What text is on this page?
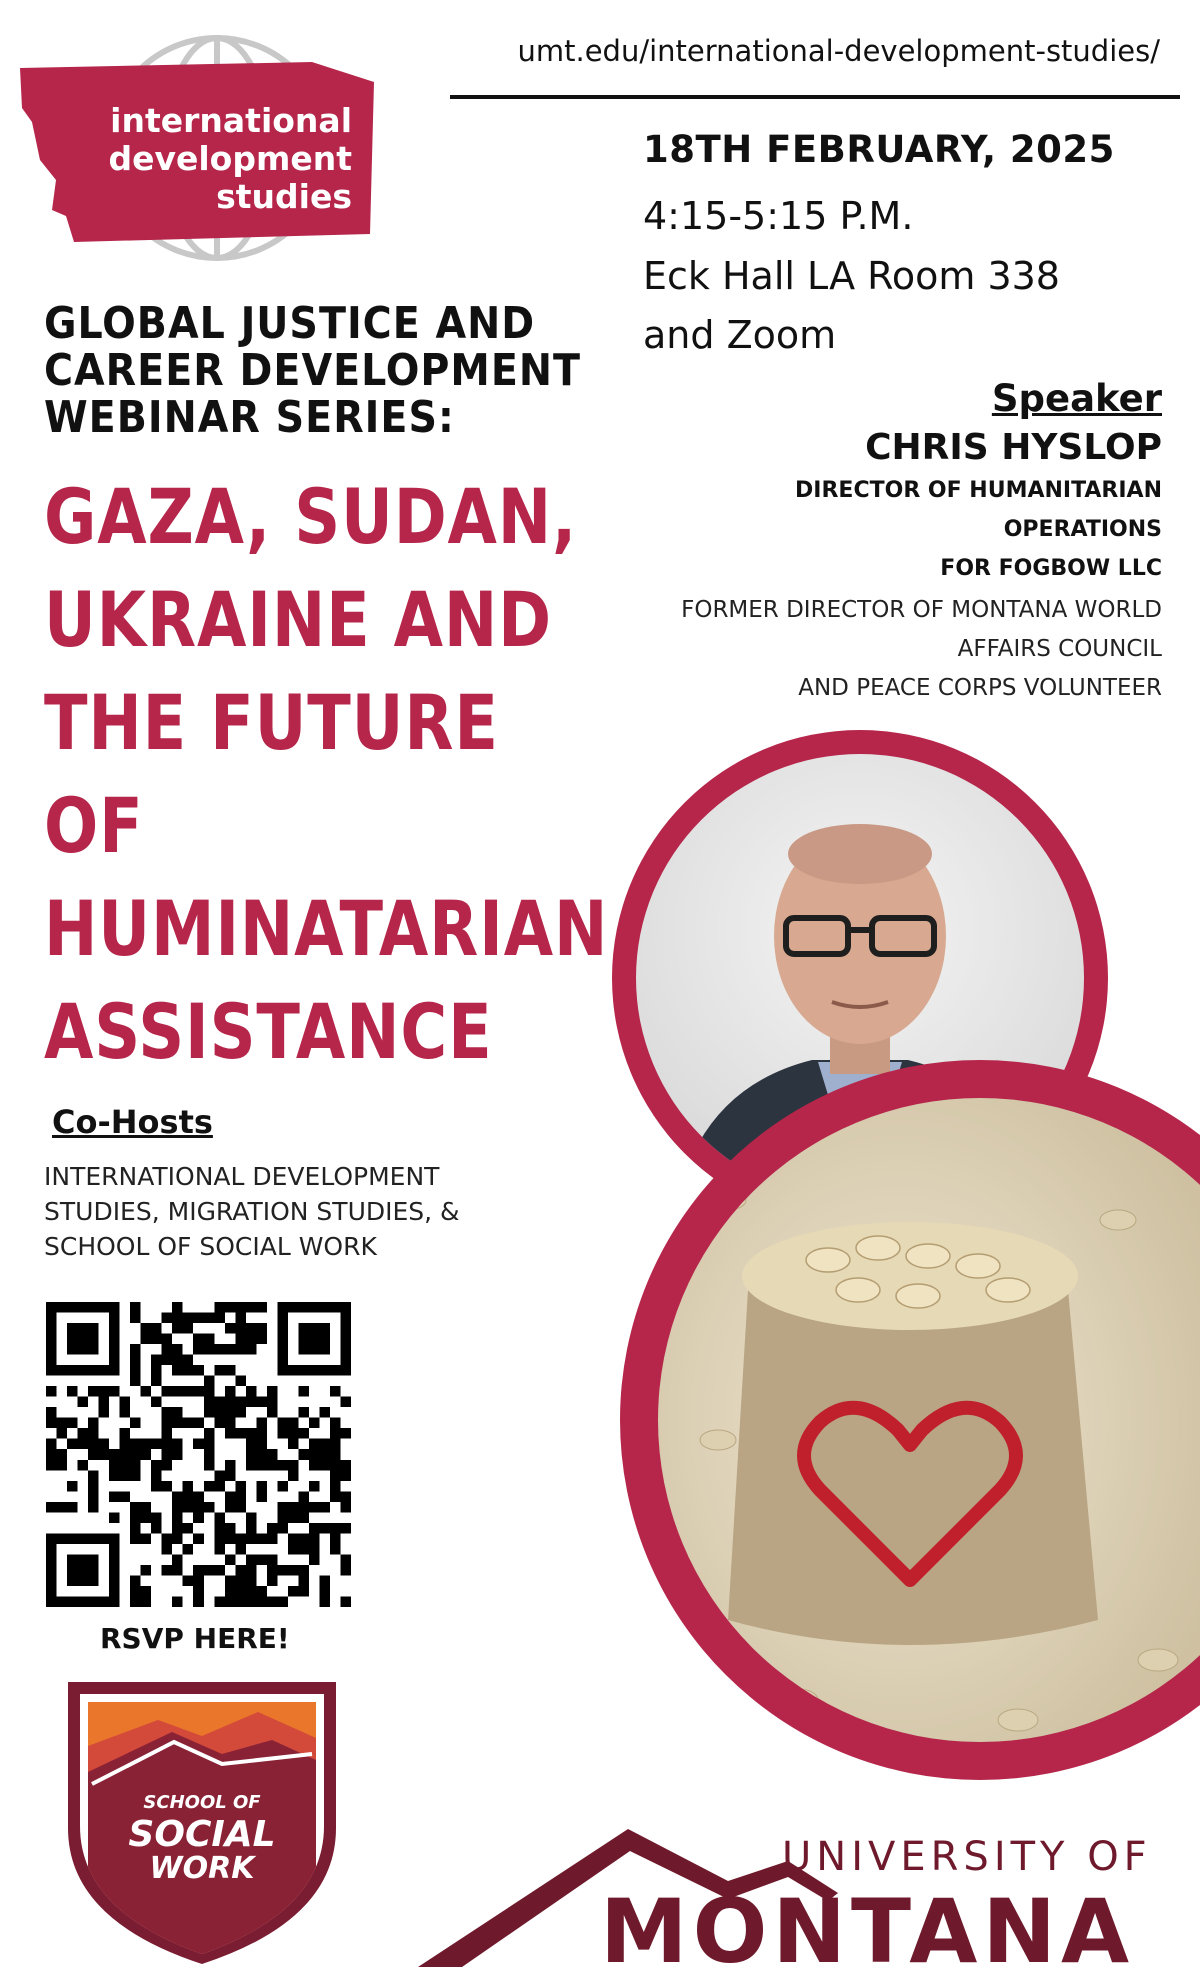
international
development
studies
umt.edu/international-development-studies/
18TH FEBRUARY, 2025
4:15-5:15 P.M.
Eck Hall LA Room 338
and Zoom
Speaker
CHRIS HYSLOP
DIRECTOR OF HUMANITARIAN
OPERATIONS
FOR FOGBOW LLC
FORMER DIRECTOR OF MONTANA WORLD
AFFAIRS COUNCIL
AND PEACE CORPS VOLUNTEER
GLOBAL JUSTICE AND
CAREER DEVELOPMENT
WEBINAR SERIES:
GAZA, SUDAN,
UKRAINE AND
THE FUTURE
OF
HUMINATARIAN
ASSISTANCE
Co-Hosts
INTERNATIONAL DEVELOPMENT
STUDIES, MIGRATION STUDIES, &
SCHOOL OF SOCIAL WORK
RSVP HERE!
SCHOOL OF
SOCIAL
WORK	UNIVERSITY OF
MONTANA
